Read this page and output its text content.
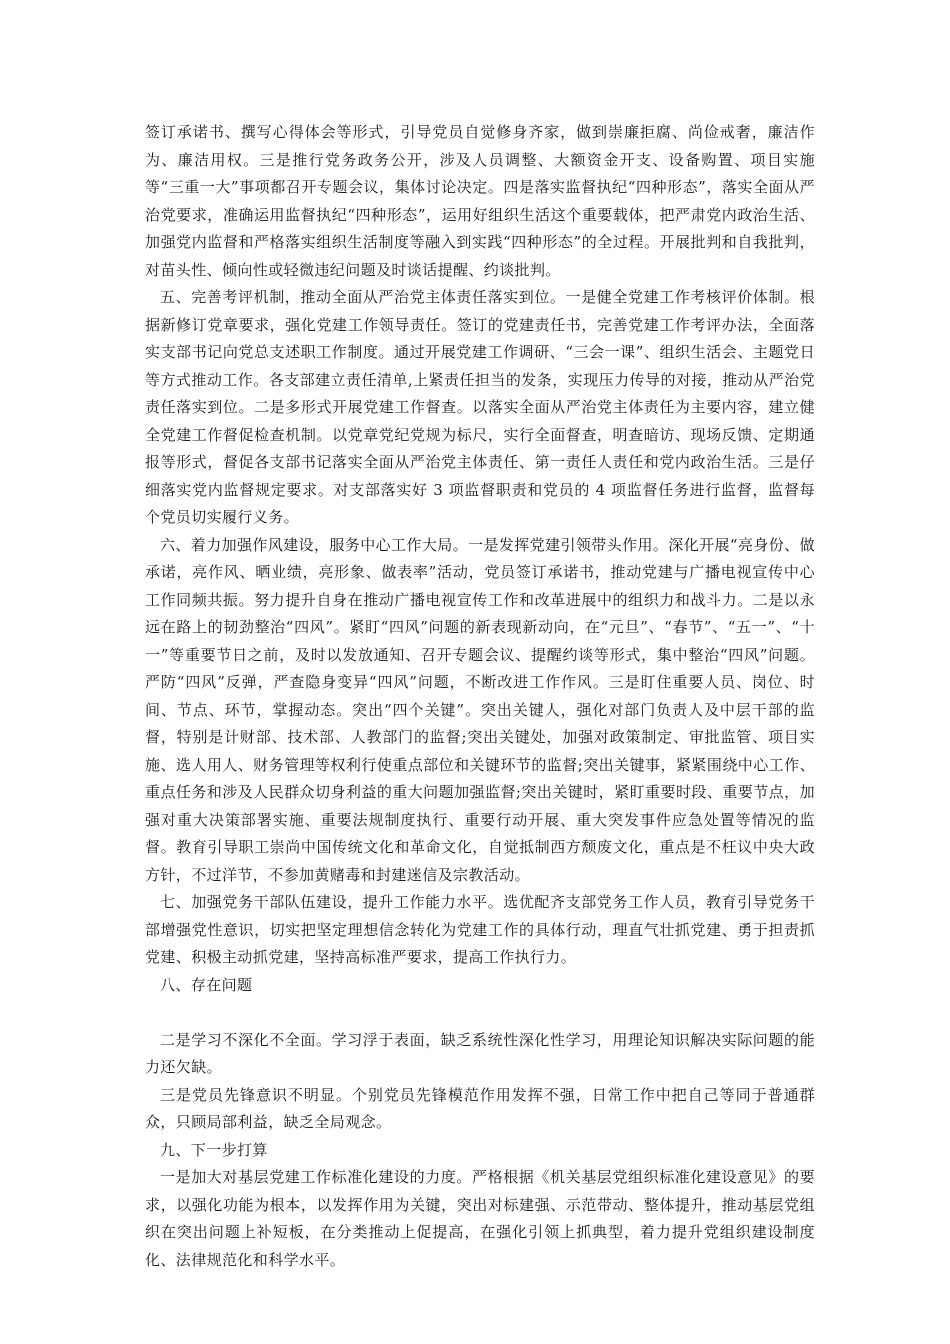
签订承诺书、撰写心得体会等形式，引导党员自觉修身齐家，做到崇廉拒腐、尚俭戒奢，廉洁作为、廉洁用权。三是推行党务政务公开，涉及人员调整、大额资金开支、设备购置、项目实施等“三重一大”事项都召开专题会议，集体讨论决定。四是落实监督执纪“四种形态”，落实全面从严治党要求，准确运用监督执纪“四种形态”，运用好组织生活这个重要载体，把严肃党内政治生活、加强党内监督和严格落实组织生活制度等融入到实践“四种形态”的全过程。开展批判和自我批判，对苗头性、倾向性或轻微违纪问题及时谈话提醒、约谈批判。

五、完善考评机制，推动全面从严治党主体责任落实到位。一是健全党建工作考核评价体制。根据新修订党章要求，强化党建工作领导责任。签订的党建责任书，完善党建工作考评办法，全面落实支部书记向党总支述职工作制度。通过开展党建工作调研、“三会一课”、组织生活会、主题党日等方式推动工作。各支部建立责任清单,上紧责任担当的发条，实现压力传导的对接，推动从严治党责任落实到位。二是多形式开展党建工作督查。以落实全面从严治党主体责任为主要内容，建立健全党建工作督促检查机制。以党章党纪党规为标尺，实行全面督查，明查暗访、现场反馈、定期通报等形式，督促各支部书记落实全面从严治党主体责任、第一责任人责任和党内政治生活。三是仔细落实党内监督规定要求。对支部落实好 3 项监督职责和党员的 4 项监督任务进行监督，监督每个党员切实履行义务。

六、着力加强作风建设，服务中心工作大局。一是发挥党建引领带头作用。深化开展“亮身份、做承诺，亮作风、晒业绩，亮形象、做表率”活动，党员签订承诺书，推动党建与广播电视宣传中心工作同频共振。努力提升自身在推动广播电视宣传工作和改革进展中的组织力和战斗力。二是以永远在路上的韧劲整治“四风”。紧盯“四风”问题的新表现新动向，在“元旦”、“春节”、“五一”、“十一”等重要节日之前，及时以发放通知、召开专题会议、提醒约谈等形式，集中整治“四风”问题。严防“四风”反弹，严查隐身变异“四风”问题，不断改进工作作风。三是盯住重要人员、岗位、时间、节点、环节，掌握动态。突出“四个关键”。突出关键人，强化对部门负责人及中层干部的监督，特别是计财部、技术部、人教部门的监督;突出关键处，加强对政策制定、审批监管、项目实施、选人用人、财务管理等权利行使重点部位和关键环节的监督;突出关键事，紧紧围绕中心工作、重点任务和涉及人民群众切身利益的重大问题加强监督;突出关键时，紧盯重要时段、重要节点，加强对重大决策部署实施、重要法规制度执行、重要行动开展、重大突发事件应急处置等情况的监督。教育引导职工崇尚中国传统文化和革命文化，自觉抵制西方颓废文化，重点是不枉议中央大政方针，不过洋节，不参加黄赌毒和封建迷信及宗教活动。

七、加强党务干部队伍建设，提升工作能力水平。选优配齐支部党务工作人员，教育引导党务干部增强党性意识，切实把坚定理想信念转化为党建工作的具体行动，理直气壮抓党建、勇于担责抓党建、积极主动抓党建，坚持高标准严要求，提高工作执行力。

八、存在问题

二是学习不深化不全面。学习浮于表面，缺乏系统性深化性学习，用理论知识解决实际问题的能力还欠缺。

三是党员先锋意识不明显。个别党员先锋模范作用发挥不强，日常工作中把自己等同于普通群众，只顾局部利益，缺乏全局观念。

九、下一步打算

一是加大对基层党建工作标准化建设的力度。严格根据《机关基层党组织标准化建设意见》的要求，以强化功能为根本，以发挥作用为关键，突出对标建强、示范带动、整体提升，推动基层党组织在突出问题上补短板，在分类推动上促提高，在强化引领上抓典型，着力提升党组织建设制度化、法律规范化和科学水平。
